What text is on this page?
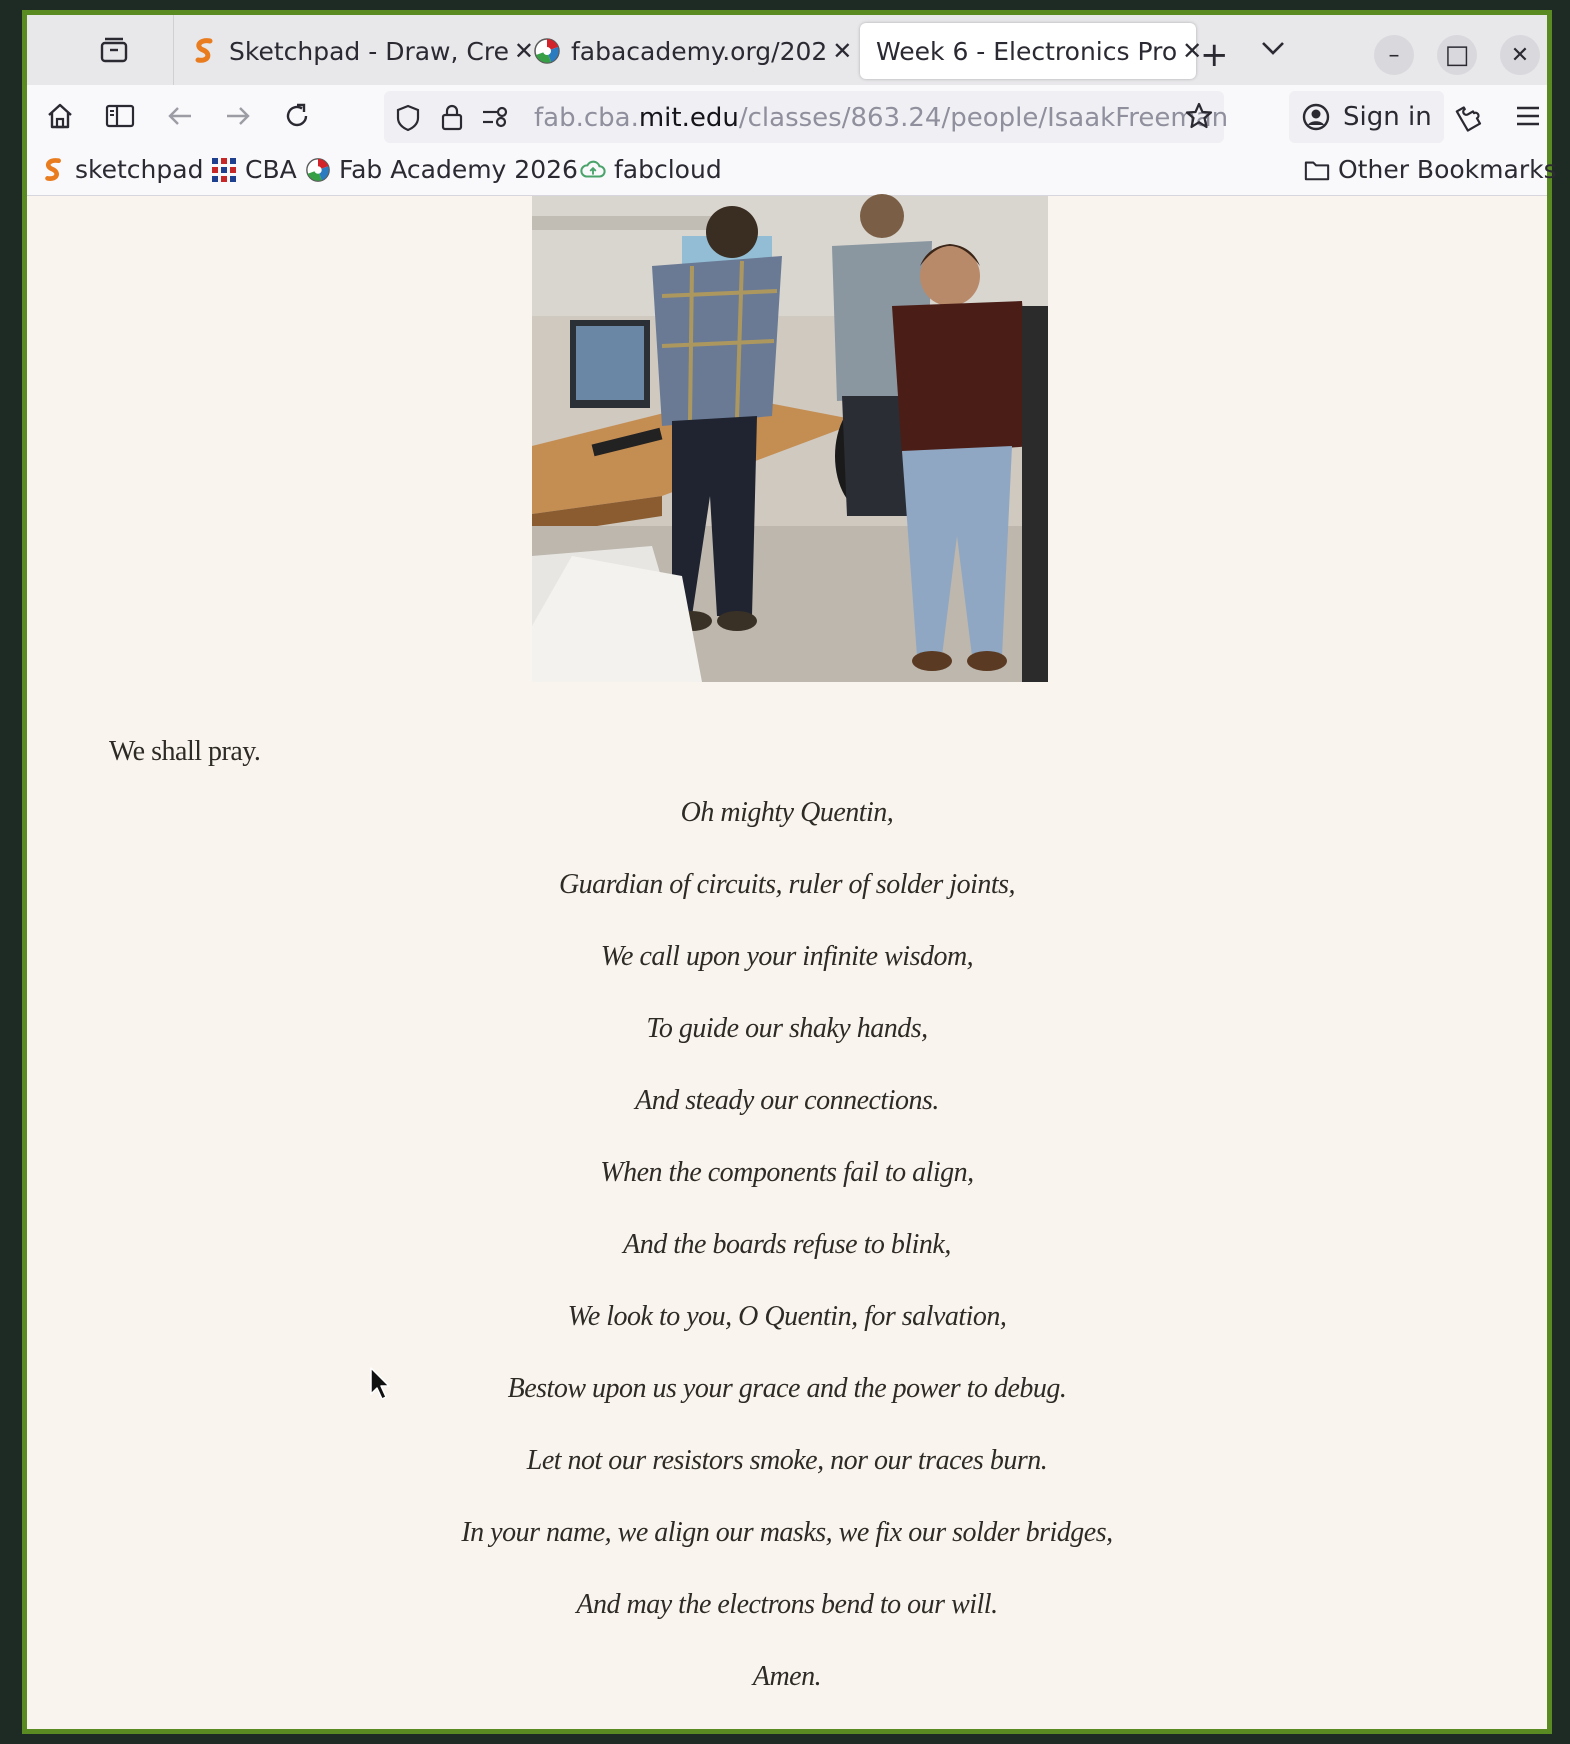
Sketchpad - Draw, Cre ✕ fabacademy.org/202 ✕ Week 6 - Electronics Pro ✕
+	–	□	✕
fab.cba.mit.edu/classes/863.24/people/IsaakFreeman	Sign in
sketchpad CBA Fab Academy 2026 fabcloud	Other Bookmarks
We shall pray.
Oh mighty Quentin,
Guardian of circuits, ruler of solder joints,
We call upon your infinite wisdom,
To guide our shaky hands,
And steady our connections.
When the components fail to align,
And the boards refuse to blink,
We look to you, O Quentin, for salvation,
Bestow upon us your grace and the power to debug.
Let not our resistors smoke, nor our traces burn.
In your name, we align our masks, we fix our solder bridges,
And may the electrons bend to our will.
Amen.
